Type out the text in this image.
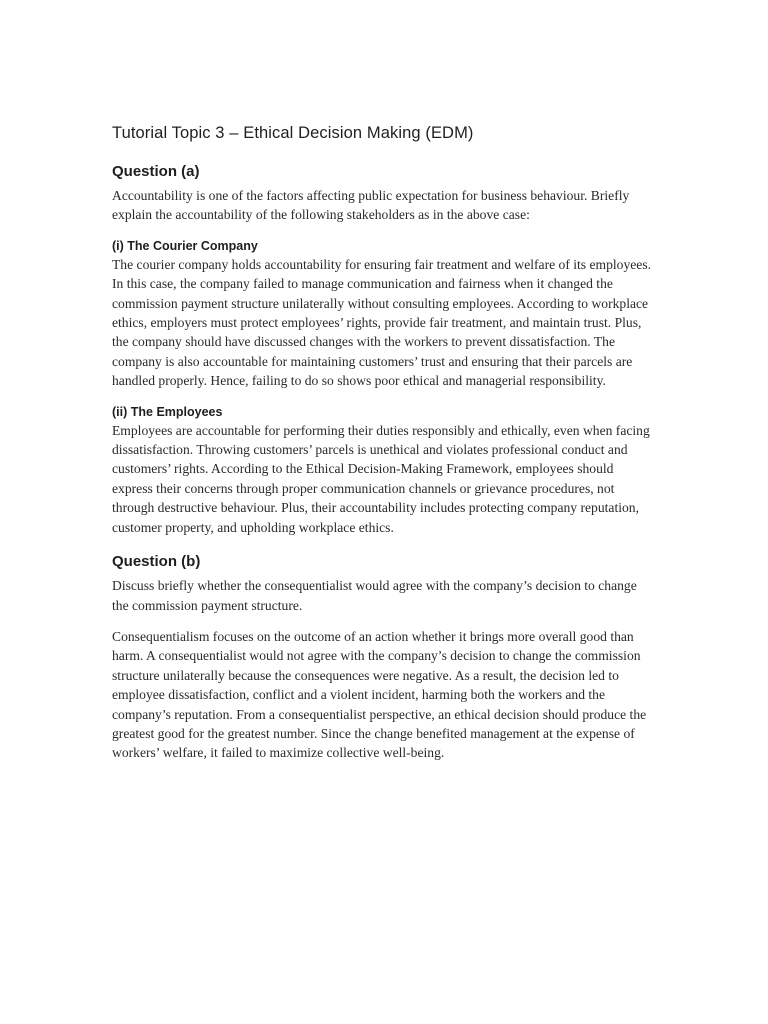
Tutorial Topic 3 – Ethical Decision Making (EDM)
Question (a)

Accountability is one of the factors affecting public expectation for business behaviour. Briefly explain the accountability of the following stakeholders as in the above case:

(i) The Courier Company

The courier company holds accountability for ensuring fair treatment and welfare of its employees. In this case, the company failed to manage communication and fairness when it changed the commission payment structure unilaterally without consulting employees. According to workplace ethics, employers must protect employees’ rights, provide fair treatment, and maintain trust. Plus, the company should have discussed changes with the workers to prevent dissatisfaction. The company is also accountable for maintaining customers’ trust and ensuring that their parcels are handled properly. Hence, failing to do so shows poor ethical and managerial responsibility.

(ii) The Employees

Employees are accountable for performing their duties responsibly and ethically, even when facing dissatisfaction. Throwing customers’ parcels is unethical and violates professional conduct and customers’ rights. According to the Ethical Decision-Making Framework, employees should express their concerns through proper communication channels or grievance procedures, not through destructive behaviour. Plus, their accountability includes protecting company reputation, customer property, and upholding workplace ethics.

Question (b)

Discuss briefly whether the consequentialist would agree with the company’s decision to change the commission payment structure.

Consequentialism focuses on the outcome of an action whether it brings more overall good than harm. A consequentialist would not agree with the company’s decision to change the commission structure unilaterally because the consequences were negative. As a result, the decision led to employee dissatisfaction, conflict and a violent incident, harming both the workers and the company’s reputation. From a consequentialist perspective, an ethical decision should produce the greatest good for the greatest number. Since the change benefited management at the expense of workers’ welfare, it failed to maximize collective well-being.
